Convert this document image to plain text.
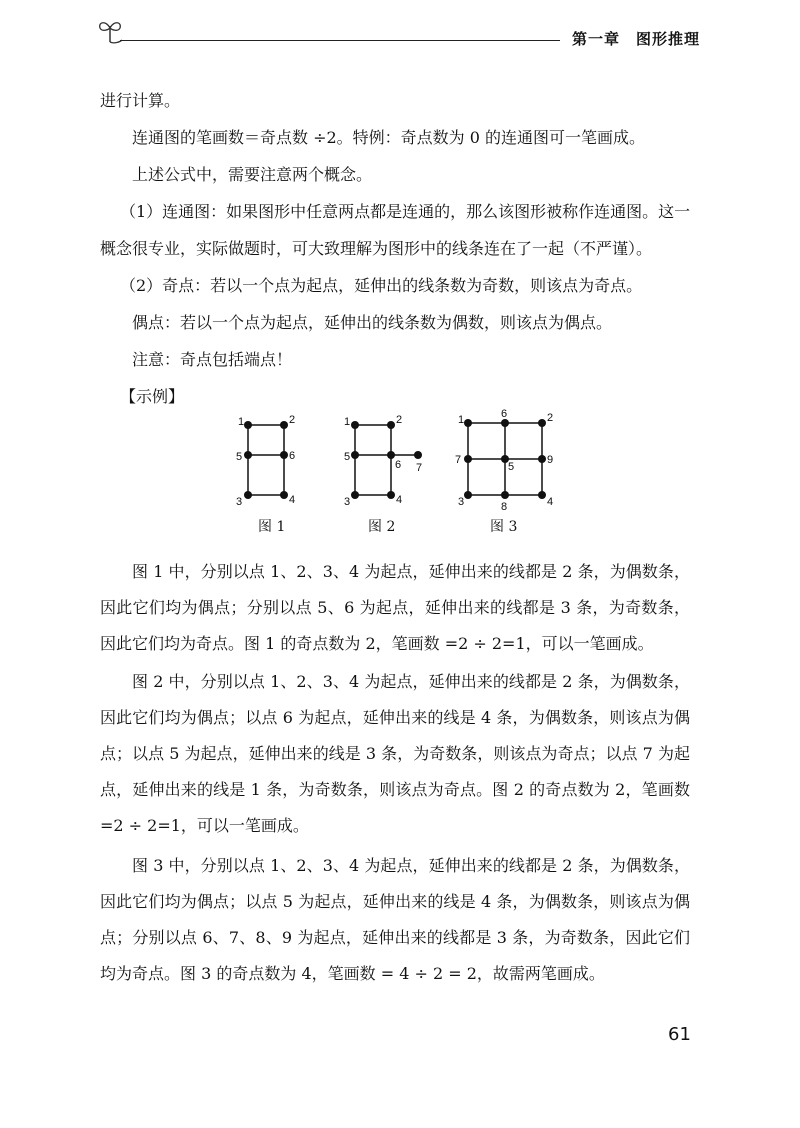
第一章　图形推理
进行计算。
连通图的笔画数＝奇点数 ÷2。特例：奇点数为 0 的连通图可一笔画成。
上述公式中，需要注意两个概念。
（1）连通图：如果图形中任意两点都是连通的，那么该图形被称作连通图。这一
概念很专业，实际做题时，可大致理解为图形中的线条连在了一起（不严谨）。
（2）奇点：若以一个点为起点，延伸出的线条数为奇数，则该点为奇点。
偶点：若以一个点为起点，延伸出的线条数为偶数，则该点为偶点。
注意：奇点包括端点！
【示例】
1	2
5	6
3	4
1	2
5
6 7
3	4
1	6	2
7
5
9
3	8	4
图 1	图 2	图 3
图 1 中，分别以点 1、2、3、4 为起点，延伸出来的线都是 2 条，为偶数条，因此它们均为偶点；分别以点 5、6 为起点，延伸出来的线都是 3 条，为奇数条，因此它们均为奇点。图 1 的奇点数为 2，笔画数 =2 ÷ 2=1，可以一笔画成。
图 2 中，分别以点 1、2、3、4 为起点，延伸出来的线都是 2 条，为偶数条，因此它们均为偶点；以点 6 为起点，延伸出来的线是 4 条，为偶数条，则该点为偶点；以点 5 为起点，延伸出来的线是 3 条，为奇数条，则该点为奇点；以点 7 为起点，延伸出来的线是 1 条，为奇数条，则该点为奇点。图 2 的奇点数为 2，笔画数 =2 ÷ 2=1，可以一笔画成。
图 3 中，分别以点 1、2、3、4 为起点，延伸出来的线都是 2 条，为偶数条，因此它们均为偶点；以点 5 为起点，延伸出来的线是 4 条，为偶数条，则该点为偶点；分别以点 6、7、8、9 为起点，延伸出来的线都是 3 条，为奇数条，因此它们均为奇点。图 3 的奇点数为 4，笔画数 = 4 ÷ 2 = 2，故需两笔画成。
61
